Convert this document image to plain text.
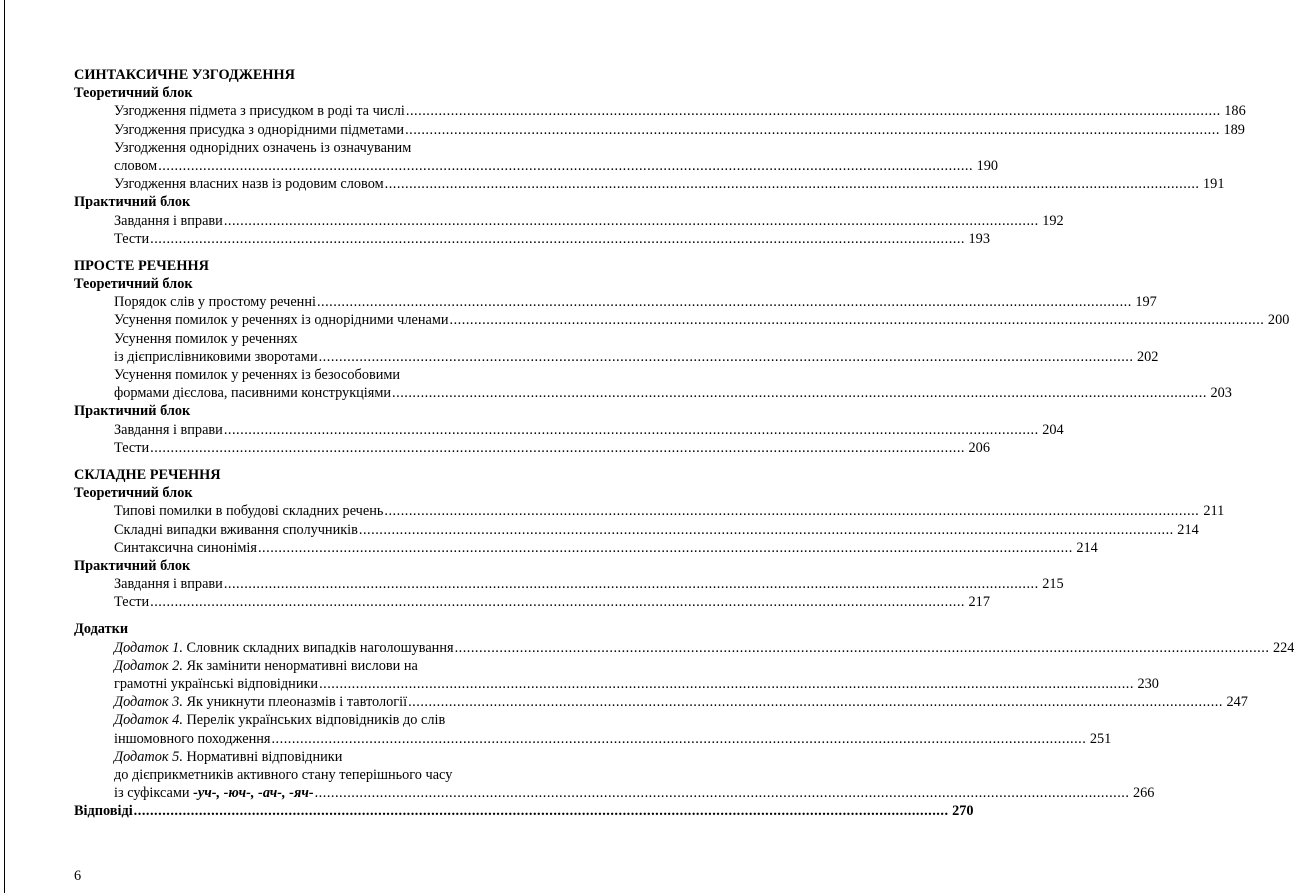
СИНТАКСИЧНЕ УЗГОДЖЕННЯ
Теоретичний блок
Узгодження підмета з присудком в роді та числі ........................................................................................................................................................................................................ 186
Узгодження присудка з однорідними підметами ........................................................................................................................................................................................................ 189
Узгодження однорідних означень із означуваним
словом ........................................................................................................................................................................................................ 190
Узгодження власних назв із родовим словом ........................................................................................................................................................................................................ 191
Практичний блок
Завдання і вправи ........................................................................................................................................................................................................ 192
Тести ........................................................................................................................................................................................................ 193
ПРОСТЕ РЕЧЕННЯ
Теоретичний блок
Порядок слів у простому реченні ........................................................................................................................................................................................................ 197
Усунення помилок у реченнях із однорідними членами ........................................................................................................................................................................................................ 200
Усунення помилок у реченнях
із дієприслівниковими зворотами ........................................................................................................................................................................................................ 202
Усунення помилок у реченнях із безособовими
формами дієслова, пасивними конструкціями ........................................................................................................................................................................................................ 203
Практичний блок
Завдання і вправи ........................................................................................................................................................................................................ 204
Тести ........................................................................................................................................................................................................ 206
СКЛАДНЕ РЕЧЕННЯ
Теоретичний блок
Типові помилки в побудові складних речень ........................................................................................................................................................................................................ 211
Складні випадки вживання сполучників ........................................................................................................................................................................................................ 214
Синтаксична синонімія ........................................................................................................................................................................................................ 214
Практичний блок
Завдання і вправи ........................................................................................................................................................................................................ 215
Тести ........................................................................................................................................................................................................ 217
Додатки
Додаток 1. Словник складних випадків наголошування ........................................................................................................................................................................................................ 224
Додаток 2. Як замінити ненормативні вислови на
грамотні українські відповідники ........................................................................................................................................................................................................ 230
Додаток 3. Як уникнути плеоназмів і тавтології ........................................................................................................................................................................................................ 247
Додаток 4. Перелік українських відповідників до слів
іншомовного походження ........................................................................................................................................................................................................ 251
Додаток 5. Нормативні відповідники
до дієприкметників активного стану теперішнього часу
із суфіксами -уч-, -юч-, -ач-, -яч- ........................................................................................................................................................................................................ 266
Відповіді ........................................................................................................................................................................................................ 270
6
